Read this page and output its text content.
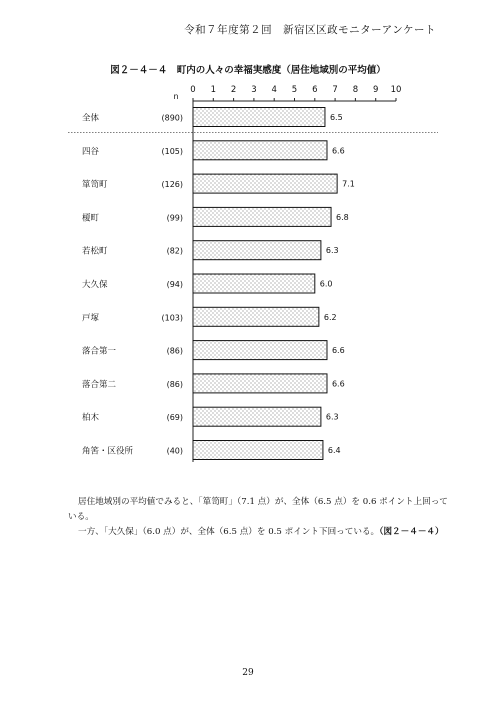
令和７年度第２回　新宿区区政モニターアンケート
図２－４－４　町内の人々の幸福実感度（居住地域別の平均値）
0 1 2 3 4 5 6 7 8 9 10
n
全体	(890)	6.5
四谷	(105)	6.6
箪笥町	(126)	7.1
榎町	(99)	6.8
若松町	(82)	6.3
大久保	(94)	6.0
戸塚	(103)	6.2
落合第一	(86)	6.6
落合第二	(86)	6.6
柏木	(69)	6.3
角筈・区役所	(40)	6.4
居住地域別の平均値でみると、「箪笥町」（7.1 点）が、全体（6.5 点）を 0.6 ポイント上回っている。
一方、「大久保」（6.0 点）が、全体（6.5 点）を 0.5 ポイント下回っている。（図２－４－４）
29
